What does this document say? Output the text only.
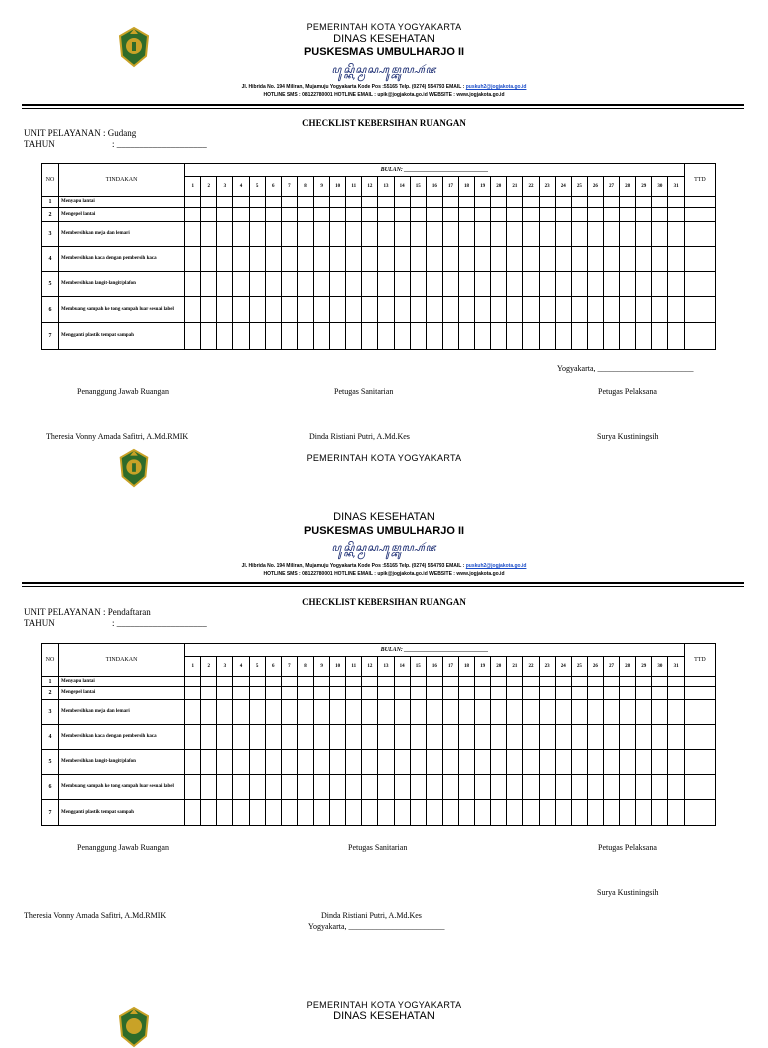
PEMERINTAH KOTA YOGYAKARTA
DINAS KESEHATAN
PUSKESMAS UMBULHARJO II
ꦥꦸꦱ꧀ꦏꦼꦱ꧀ꦩꦱ꧀ꦲꦸꦩ꧀ꦧꦸꦭ꧀ꦲꦂꦗ
Jl. Hibrida No. 194 Miliran, Mujamuju Yogyakarta Kode Pos :55165 Telp. (0274) 554793 EMAIL : puskuh2@jogjakota.go.id
HOTLINE SMS : 08122780001 HOTLINE EMAIL : upik@jogjakota.go.id WEBSITE : www.jogjakota.go.id
CHECKLIST KEBERSIHAN RUANGAN
UNIT PELAYANAN : Gudang
TAHUN	: ____________________
NO	TINDAKAN	BULAN: ____________________________																															TTD
		1	2	3	4	5	6	7	8	9	10	11	12	13	14	15	16	17	18	19	20	21	22	23	24	25	26	27	28	29	30	31	
1	Menyapu lantai																																
2	Mengepel lantai																																
3	Membersihkan meja dan lemari																																
4	Membersihkan kaca dengan pembersih kaca																																
5	Membersihkan langit-langit/plafon																																
6	Membuang sampah ke tong sampah luar sesuai label																																
7	Mengganti plastik tempat sampah																																
Yogyakarta, ________________________
Penanggung Jawab Ruangan	Petugas Sanitarian	Petugas Pelaksana
Theresia Vonny Amada Safitri, A.Md.RMIK	Dinda Ristiani Putri, A.Md.Kes	Surya Kustiningsih
PEMERINTAH KOTA YOGYAKARTA
DINAS KESEHATAN
PUSKESMAS UMBULHARJO II
ꦥꦸꦱ꧀ꦏꦼꦱ꧀ꦩꦱ꧀ꦲꦸꦩ꧀ꦧꦸꦭ꧀ꦲꦂꦗ
Jl. Hibrida No. 194 Miliran, Mujamuju Yogyakarta Kode Pos :55165 Telp. (0274) 554793 EMAIL : puskuh2@jogjakota.go.id
HOTLINE SMS : 08122780001 HOTLINE EMAIL : upik@jogjakota.go.id WEBSITE : www.jogjakota.go.id
CHECKLIST KEBERSIHAN RUANGAN
UNIT PELAYANAN : Pendaftaran
TAHUN	: ____________________
NO	TINDAKAN	BULAN: ____________________________																															TTD
		1	2	3	4	5	6	7	8	9	10	11	12	13	14	15	16	17	18	19	20	21	22	23	24	25	26	27	28	29	30	31	
1	Menyapu lantai																																
2	Mengepel lantai																																
3	Membersihkan meja dan lemari																																
4	Membersihkan kaca dengan pembersih kaca																																
5	Membersihkan langit-langit/plafon																																
6	Membuang sampah ke tong sampah luar sesuai label																																
7	Mengganti plastik tempat sampah																																
Penanggung Jawab Ruangan	Petugas Sanitarian	Petugas Pelaksana
Surya Kustiningsih
Theresia Vonny Amada Safitri, A.Md.RMIK	Dinda Ristiani Putri, A.Md.Kes
Yogyakarta, ________________________
PEMERINTAH KOTA YOGYAKARTA
DINAS KESEHATAN
